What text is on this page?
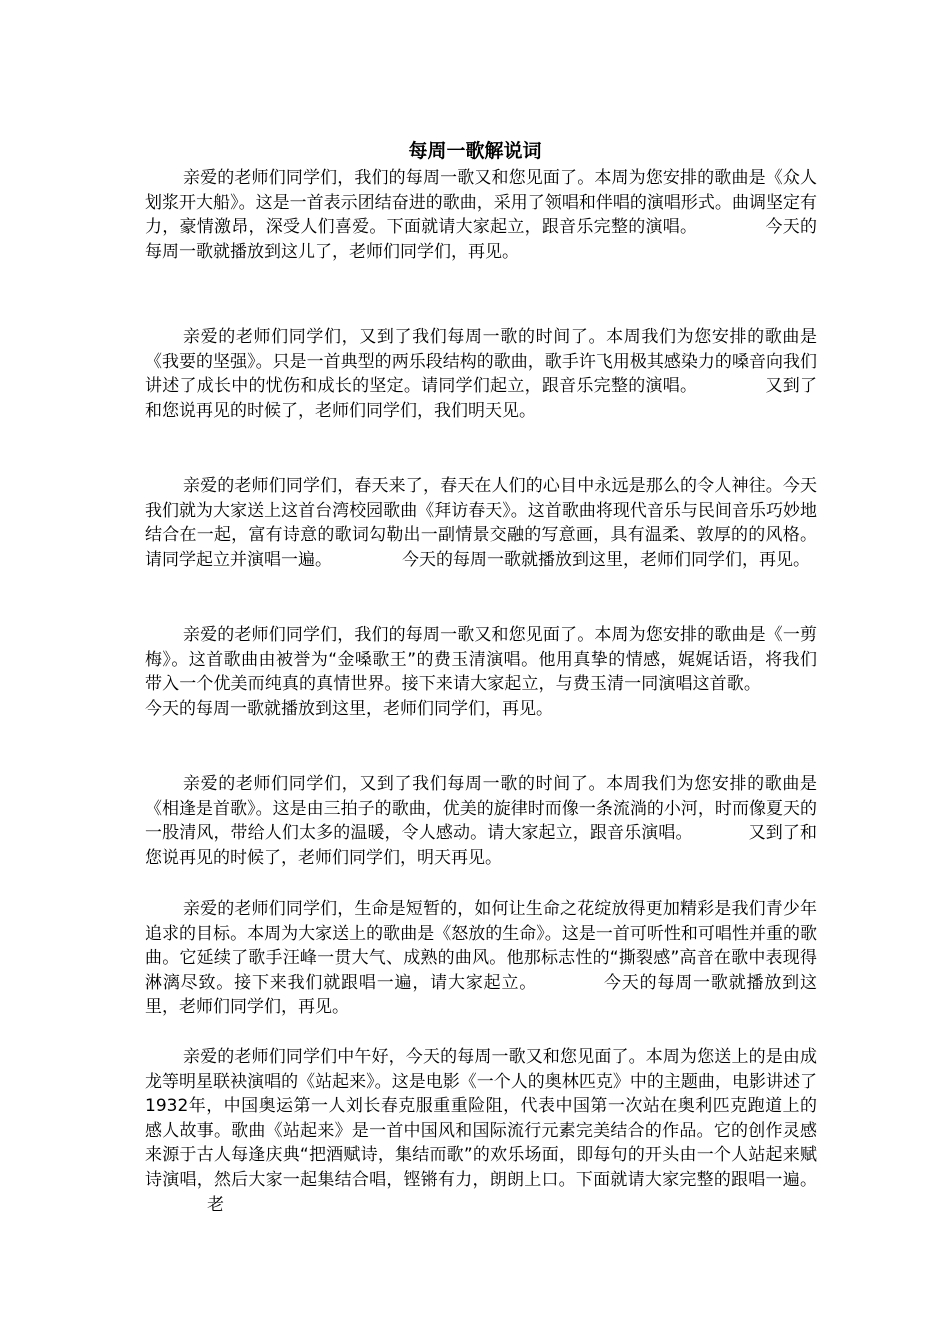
每周一歌解说词

亲爱的老师们同学们，我们的每周一歌又和您见面了。本周为您安排的歌曲是《众人划浆开大船》。这是一首表示团结奋进的歌曲，采用了领唱和伴唱的演唱形式。曲调坚定有力，豪情激昂，深受人们喜爱。下面就请大家起立，跟音乐完整的演唱。	今天的每周一歌就播放到这儿了，老师们同学们，再见。

亲爱的老师们同学们，又到了我们每周一歌的时间了。本周我们为您安排的歌曲是《我要的坚强》。只是一首典型的两乐段结构的歌曲，歌手许飞用极其感染力的嗓音向我们讲述了成长中的忧伤和成长的坚定。请同学们起立，跟音乐完整的演唱。	又到了和您说再见的时候了，老师们同学们，我们明天见。

亲爱的老师们同学们，春天来了，春天在人们的心目中永远是那么的令人神往。今天我们就为大家送上这首台湾校园歌曲《拜访春天》。这首歌曲将现代音乐与民间音乐巧妙地结合在一起，富有诗意的歌词勾勒出一副情景交融的写意画，具有温柔、敦厚的的风格。请同学起立并演唱一遍。	今天的每周一歌就播放到这里，老师们同学们，再见。

亲爱的老师们同学们，我们的每周一歌又和您见面了。本周为您安排的歌曲是《一剪梅》。这首歌曲由被誉为“金嗓歌王”的费玉清演唱。他用真挚的情感，娓娓话语，将我们带入一个优美而纯真的真情世界。接下来请大家起立，与费玉清一同演唱这首歌。今天的每周一歌就播放到这里，老师们同学们，再见。

亲爱的老师们同学们，又到了我们每周一歌的时间了。本周我们为您安排的歌曲是《相逢是首歌》。这是由三拍子的歌曲，优美的旋律时而像一条流淌的小河，时而像夏天的一股清风，带给人们太多的温暖，令人感动。请大家起立，跟音乐演唱。	又到了和您说再见的时候了，老师们同学们，明天再见。

亲爱的老师们同学们，生命是短暂的，如何让生命之花绽放得更加精彩是我们青少年追求的目标。本周为大家送上的歌曲是《怒放的生命》。这是一首可听性和可唱性并重的歌曲。它延续了歌手汪峰一贯大气、成熟的曲风。他那标志性的“撕裂感”高音在歌中表现得淋漓尽致。接下来我们就跟唱一遍，请大家起立。	今天的每周一歌就播放到这里，老师们同学们，再见。

亲爱的老师们同学们中午好，今天的每周一歌又和您见面了。本周为您送上的是由成龙等明星联袂演唱的《站起来》。这是电影《一个人的奥林匹克》中的主题曲，电影讲述了1932年，中国奥运第一人刘长春克服重重险阻，代表中国第一次站在奥利匹克跑道上的感人故事。歌曲《站起来》是一首中国风和国际流行元素完美结合的作品。它的创作灵感来源于古人每逢庆典“把酒赋诗，集结而歌”的欢乐场面，即每句的开头由一个人站起来赋诗演唱，然后大家一起集结合唱，铿锵有力，朗朗上口。下面就请大家完整的跟唱一遍。老
